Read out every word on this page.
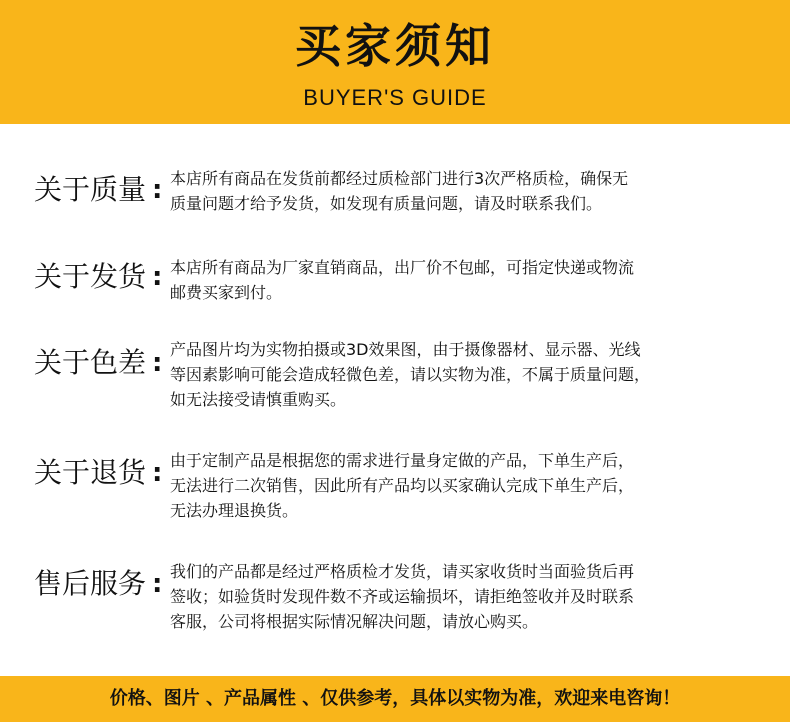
买家须知
BUYER'S GUIDE
关于质量 : 本店所有商品在发货前都经过质检部门进行3次严格质检，确保无
质量问题才给予发货，如发现有质量问题，请及时联系我们。
关于发货 : 本店所有商品为厂家直销商品，出厂价不包邮，可指定快递或物流
邮费买家到付。
关于色差 : 产品图片均为实物拍摄或3D效果图，由于摄像器材、显示器、光线
等因素影响可能会造成轻微色差，请以实物为准，不属于质量问题，
如无法接受请慎重购买。
关于退货 : 由于定制产品是根据您的需求进行量身定做的产品，下单生产后，
无法进行二次销售，因此所有产品均以买家确认完成下单生产后，
无法办理退换货。
售后服务 : 我们的产品都是经过严格质检才发货，请买家收货时当面验货后再
签收；如验货时发现件数不齐或运输损坏，请拒绝签收并及时联系
客服，公司将根据实际情况解决问题，请放心购买。
价格、图片 、产品属性 、仅供参考，具体以实物为准，欢迎来电咨询！
